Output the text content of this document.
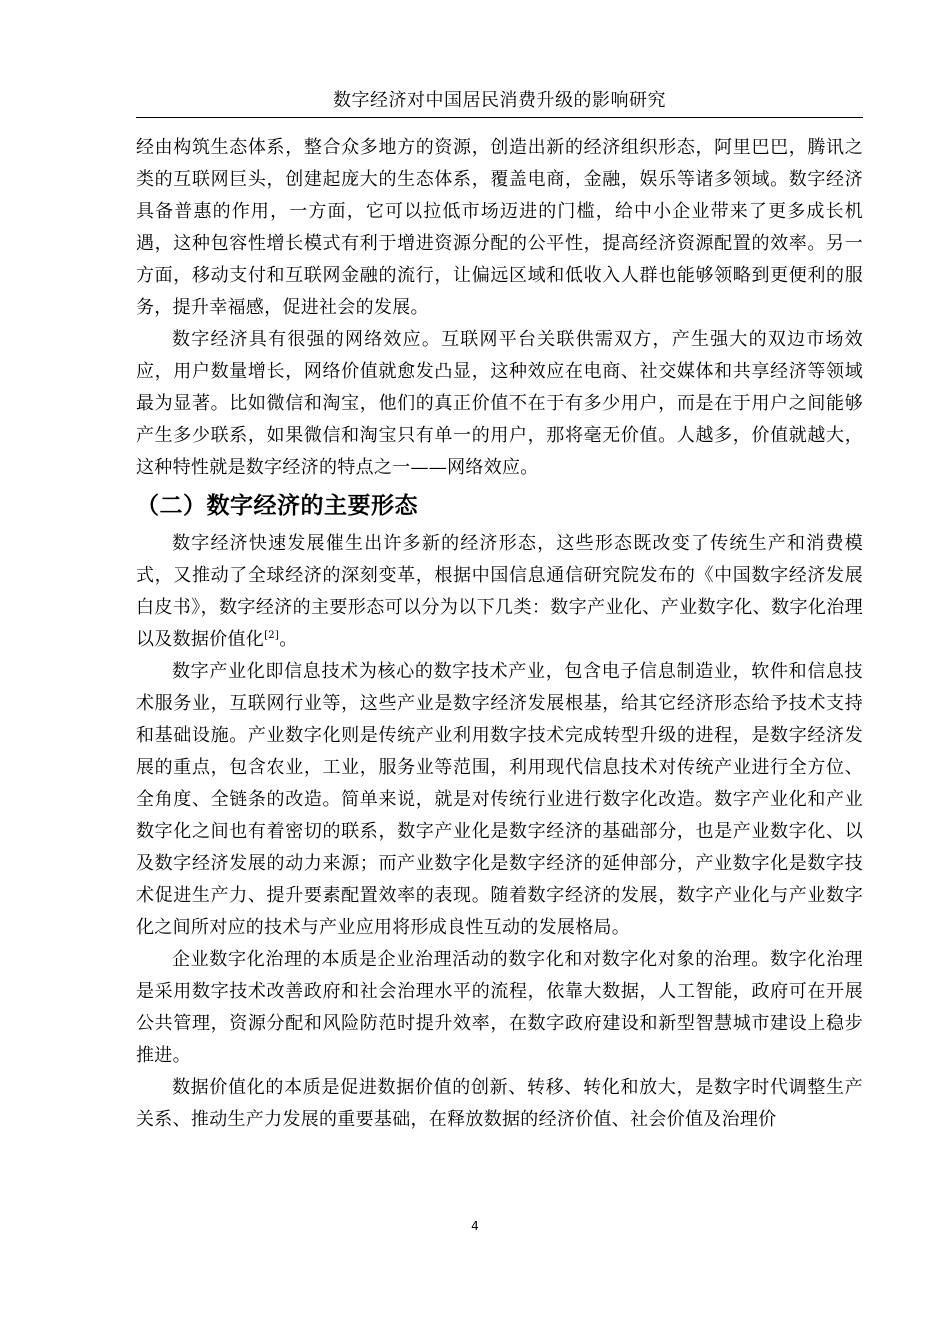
数字经济对中国居民消费升级的影响研究

经由构筑生态体系，整合众多地方的资源，创造出新的经济组织形态，阿里巴巴，腾讯之类的互联网巨头，创建起庞大的生态体系，覆盖电商，金融，娱乐等诸多领域。数字经济具备普惠的作用，一方面，它可以拉低市场迈进的门槛，给中小企业带来了更多成长机遇，这种包容性增长模式有利于增进资源分配的公平性，提高经济资源配置的效率。另一方面，移动支付和互联网金融的流行，让偏远区域和低收入人群也能够领略到更便利的服务，提升幸福感，促进社会的发展。

数字经济具有很强的网络效应。互联网平台关联供需双方，产生强大的双边市场效应，用户数量增长，网络价值就愈发凸显，这种效应在电商、社交媒体和共享经济等领域最为显著。比如微信和淘宝，他们的真正价值不在于有多少用户，而是在于用户之间能够产生多少联系，如果微信和淘宝只有单一的用户，那将毫无价值。人越多，价值就越大，这种特性就是数字经济的特点之一——网络效应。

（二）数字经济的主要形态

数字经济快速发展催生出许多新的经济形态，这些形态既改变了传统生产和消费模式，又推动了全球经济的深刻变革，根据中国信息通信研究院发布的《中国数字经济发展白皮书》，数字经济的主要形态可以分为以下几类：数字产业化、产业数字化、数字化治理以及数据价值化[2]。

数字产业化即信息技术为核心的数字技术产业，包含电子信息制造业，软件和信息技术服务业，互联网行业等，这些产业是数字经济发展根基，给其它经济形态给予技术支持和基础设施。产业数字化则是传统产业利用数字技术完成转型升级的进程，是数字经济发展的重点，包含农业，工业，服务业等范围，利用现代信息技术对传统产业进行全方位、全角度、全链条的改造。简单来说，就是对传统行业进行数字化改造。数字产业化和产业数字化之间也有着密切的联系，数字产业化是数字经济的基础部分，也是产业数字化、以及数字经济发展的动力来源；而产业数字化是数字经济的延伸部分，产业数字化是数字技术促进生产力、提升要素配置效率的表现。随着数字经济的发展，数字产业化与产业数字化之间所对应的技术与产业应用将形成良性互动的发展格局。

企业数字化治理的本质是企业治理活动的数字化和对数字化对象的治理。数字化治理是采用数字技术改善政府和社会治理水平的流程，依靠大数据，人工智能，政府可在开展公共管理，资源分配和风险防范时提升效率，在数字政府建设和新型智慧城市建设上稳步推进。

数据价值化的本质是促进数据价值的创新、转移、转化和放大，是数字时代调整生产关系、推动生产力发展的重要基础，在释放数据的经济价值、社会价值及治理价

4
